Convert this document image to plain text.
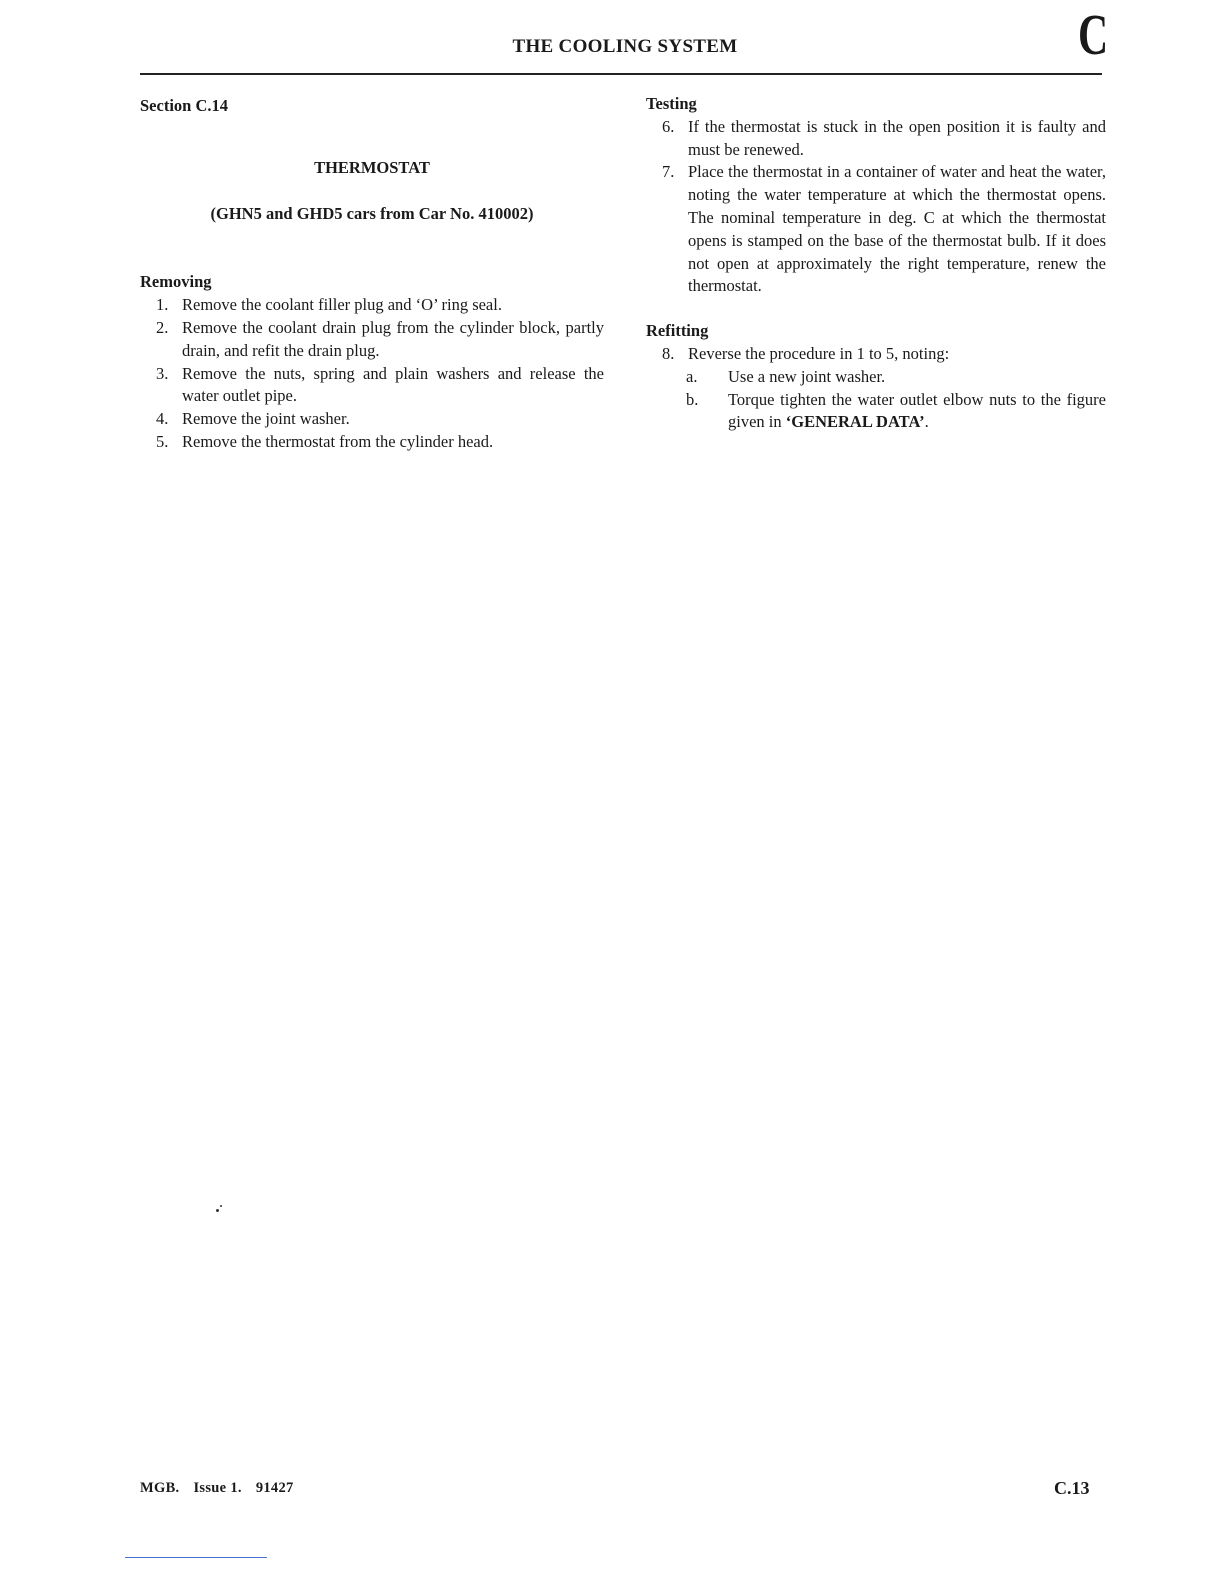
THE COOLING SYSTEM	C
Section C.14
THERMOSTAT
(GHN5 and GHD5 cars from Car No. 410002)
Removing
1. Remove the coolant filler plug and ‘O’ ring seal.
2. Remove the coolant drain plug from the cylinder block, partly drain, and refit the drain plug.
3. Remove the nuts, spring and plain washers and release the water outlet pipe.
4. Remove the joint washer.
5. Remove the thermostat from the cylinder head.
Testing
6. If the thermostat is stuck in the open position it is faulty and must be renewed.
7. Place the thermostat in a container of water and heat the water, noting the water temperature at which the thermostat opens. The nominal temperature in deg. C at which the thermostat opens is stamped on the base of the thermostat bulb. If it does not open at approximately the right temperature, renew the thermostat.
Refitting
8. Reverse the procedure in 1 to 5, noting:
a.	Use a new joint washer.
b.	Torque tighten the water outlet elbow nuts to the figure given in ‘GENERAL DATA’.
MGB. Issue 1. 91427	C.13
